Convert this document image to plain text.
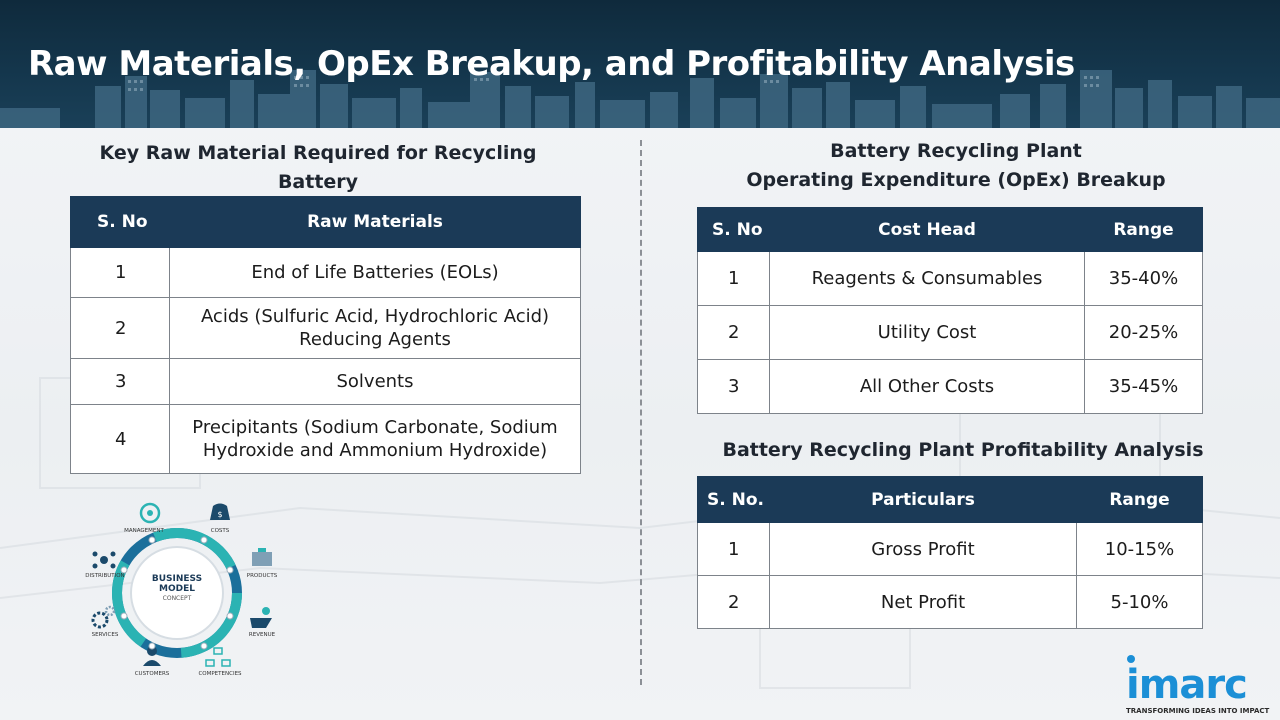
Raw Materials, OpEx Breakup, and Profitability Analysis
Key Raw Material Required for Recycling
Battery
S. No	Raw Materials
1	End of Life Batteries (EOLs)

2	Acids (Sulfuric Acid, Hydrochloric Acid)
Reducing Agents

3	Solvents

4	Precipitants (Sodium Carbonate, Sodium
Hydroxide and Ammonium Hydroxide)
$
MANAGEMENT	COSTS
PRODUCTS
REVENUE
COMPETENCIES
CUSTOMERS
SERVICES
DISTRIBUTION	BUSINESS
MODEL
CONCEPT
Battery Recycling Plant
Operating Expenditure (OpEx) Breakup
S. No	Cost Head	Range
1	Reagents & Consumables	35-40%
2	Utility Cost	20-25%
3	All Other Costs	35-45%
Battery Recycling Plant Profitability Analysis
S. No.	Particulars	Range
1	Gross Profit	10-15%
2	Net Profit	5-10%
imarc
TRANSFORMING IDEAS INTO IMPACT
